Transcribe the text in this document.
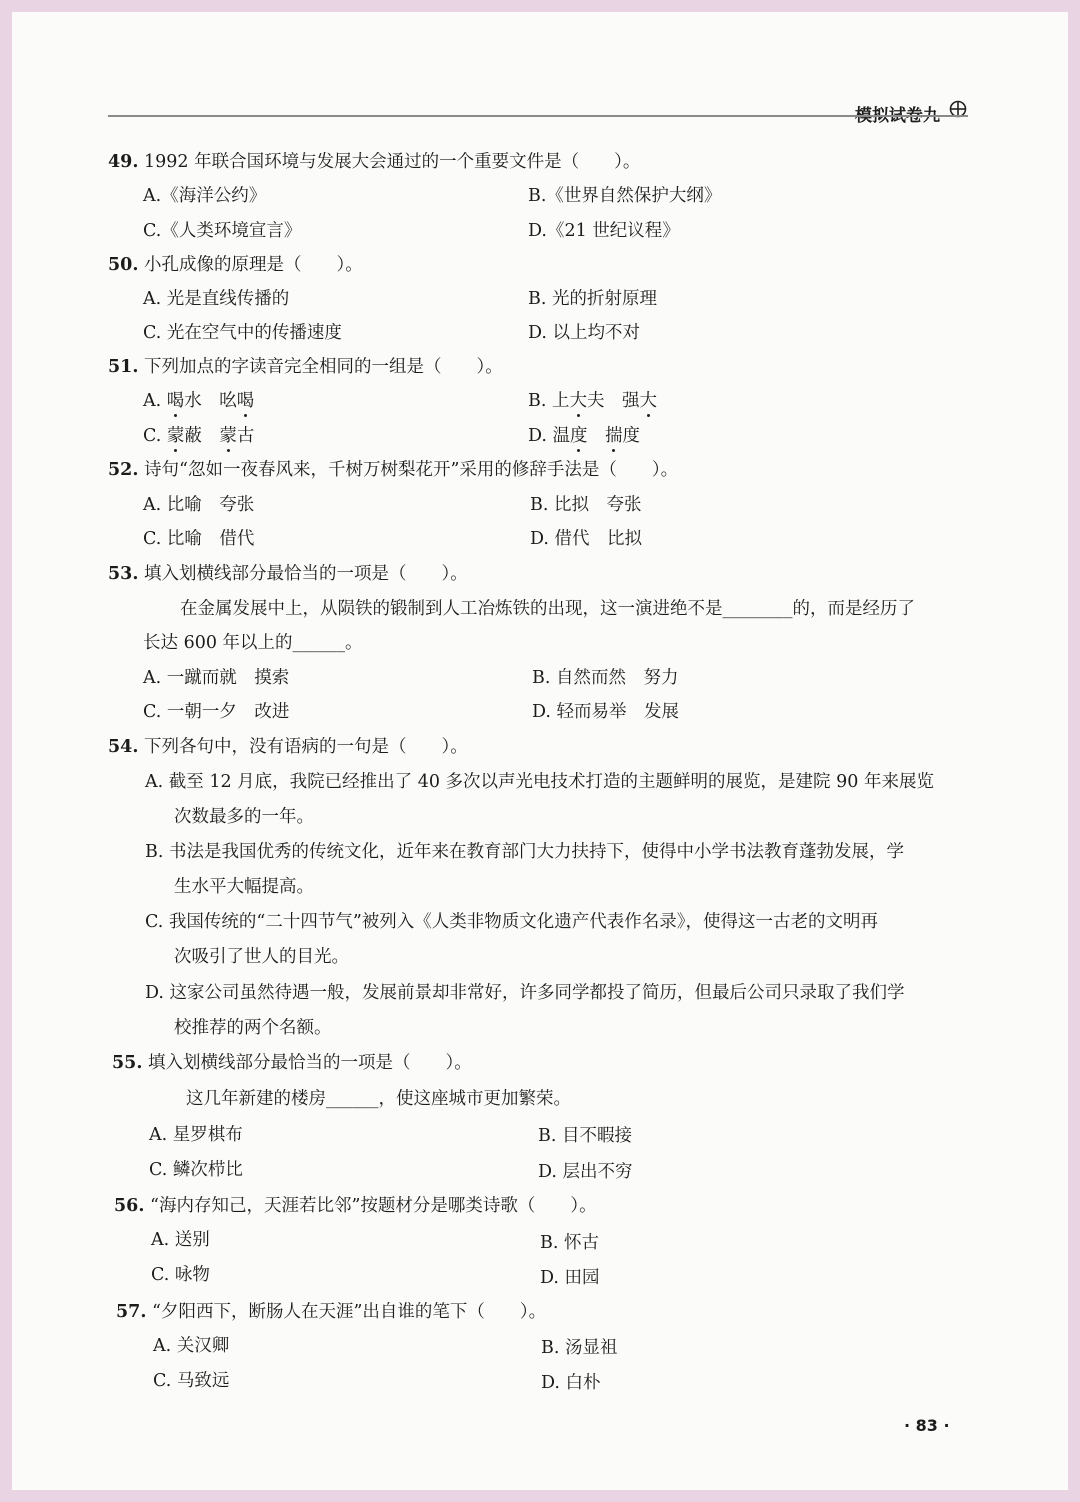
模拟试卷九
49. 1992 年联合国环境与发展大会通过的一个重要文件是（　　）。
A.《海洋公约》	B.《世界自然保护大纲》
C.《人类环境宣言》	D.《21 世纪议程》
50. 小孔成像的原理是（　　）。
A. 光是直线传播的	B. 光的折射原理
C. 光在空气中的传播速度	D. 以上均不对
51. 下列加点的字读音完全相同的一组是（　　）。
A. 喝水　吆喝	B. 上大夫　强大
C. 蒙蔽　蒙古	D. 温度　 揣度
52. 诗句“忽如一夜春风来，千树万树梨花开”采用的修辞手法是（　　）。
A. 比喻　夸张	B. 比拟　夸张
C. 比喻　借代	D. 借代　比拟
53. 填入划横线部分最恰当的一项是（　　）。
在金属发展中上，从陨铁的锻制到人工冶炼铁的出现，这一演进绝不是________的，而是经历了
长达 600 年以上的______。
A. 一蹴而就　摸索	B. 自然而然　努力
C. 一朝一夕　改进	D. 轻而易举　发展
54. 下列各句中，没有语病的一句是（　　）。
A. 截至 12 月底，我院已经推出了 40 多次以声光电技术打造的主题鲜明的展览，是建院 90 年来展览
次数最多的一年。
B. 书法是我国优秀的传统文化，近年来在教育部门大力扶持下，使得中小学书法教育蓬勃发展，学
生水平大幅提高。
C. 我国传统的“二十四节气”被列入《人类非物质文化遗产代表作名录》，使得这一古老的文明再
次吸引了世人的目光。
D. 这家公司虽然待遇一般，发展前景却非常好，许多同学都投了简历，但最后公司只录取了我们学
校推荐的两个名额。
55. 填入划横线部分最恰当的一项是（　　）。
这几年新建的楼房______，使这座城市更加繁荣。
A. 星罗棋布	B. 目不暇接
C. 鳞次栉比	D. 层出不穷
56. “海内存知己，天涯若比邻”按题材分是哪类诗歌（　　）。
A. 送别	B. 怀古
C. 咏物	D. 田园
57. “夕阳西下，断肠人在天涯”出自谁的笔下（　　）。
A. 关汉卿	B. 汤显祖
C. 马致远	D. 白朴
· 83 ·
